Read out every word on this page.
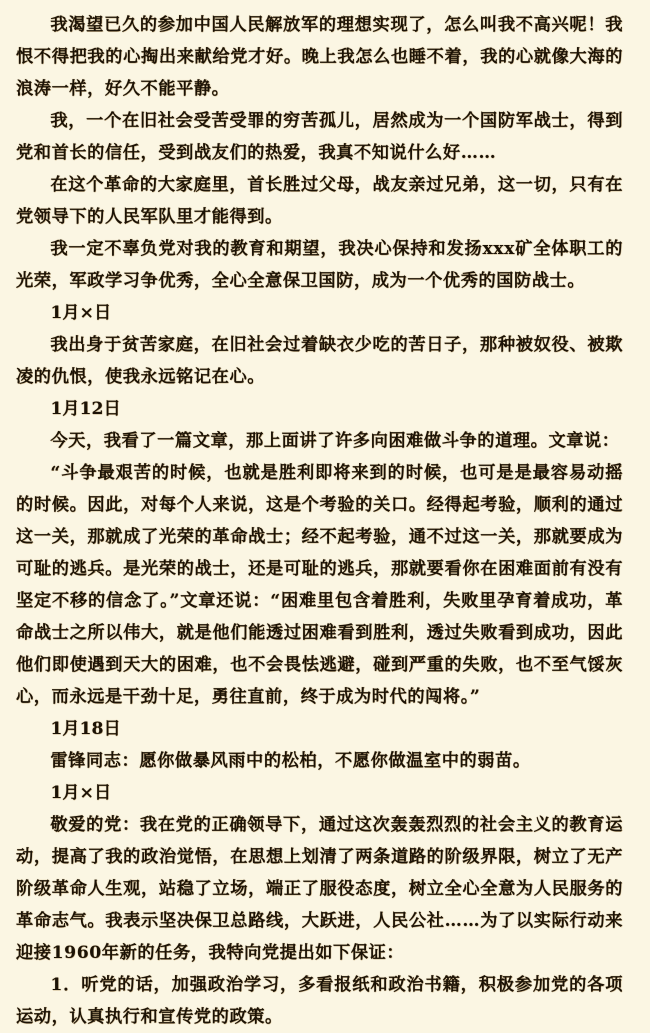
我渴望已久的参加中国人民解放军的理想实现了，怎么叫我不高兴呢！我恨不得把我的心掏出来献给党才好。晚上我怎么也睡不着，我的心就像大海的浪涛一样，好久不能平静。

我，一个在旧社会受苦受罪的穷苦孤儿，居然成为一个国防军战士，得到党和首长的信任，受到战友们的热爱，我真不知说什么好……

在这个革命的大家庭里，首长胜过父母，战友亲过兄弟，这一切，只有在党领导下的人民军队里才能得到。

我一定不辜负党对我的教育和期望，我决心保持和发扬xxx矿全体职工的光荣，军政学习争优秀，全心全意保卫国防，成为一个优秀的国防战士。

1月×日

我出身于贫苦家庭，在旧社会过着缺衣少吃的苦日子，那种被奴役、被欺凌的仇恨，使我永远铭记在心。

1月12日

今天，我看了一篇文章，那上面讲了许多向困难做斗争的道理。文章说：

“斗争最艰苦的时候，也就是胜利即将来到的时候，也可是是最容易动摇的时候。因此，对每个人来说，这是个考验的关口。经得起考验，顺利的通过这一关，那就成了光荣的革命战士；经不起考验，通不过这一关，那就要成为可耻的逃兵。是光荣的战士，还是可耻的逃兵，那就要看你在困难面前有没有坚定不移的信念了。”文章还说：“困难里包含着胜利，失败里孕育着成功，革命战士之所以伟大，就是他们能透过困难看到胜利，透过失败看到成功，因此他们即使遇到天大的困难，也不会畏怯逃避，碰到严重的失败，也不至气馁灰心，而永远是干劲十足，勇往直前，终于成为时代的闯将。”

1月18日

雷锋同志：愿你做暴风雨中的松柏，不愿你做温室中的弱苗。

1月×日

敬爱的党：我在党的正确领导下，通过这次轰轰烈烈的社会主义的教育运动，提高了我的政治觉悟，在思想上划清了两条道路的阶级界限，树立了无产阶级革命人生观，站稳了立场，端正了服役态度，树立全心全意为人民服务的革命志气。我表示坚决保卫总路线，大跃进，人民公社……为了以实际行动来迎接1960年新的任务，我特向党提出如下保证：

1．听党的话，加强政治学习，多看报纸和政治书籍，积极参加党的各项运动，认真执行和宣传党的政策。
